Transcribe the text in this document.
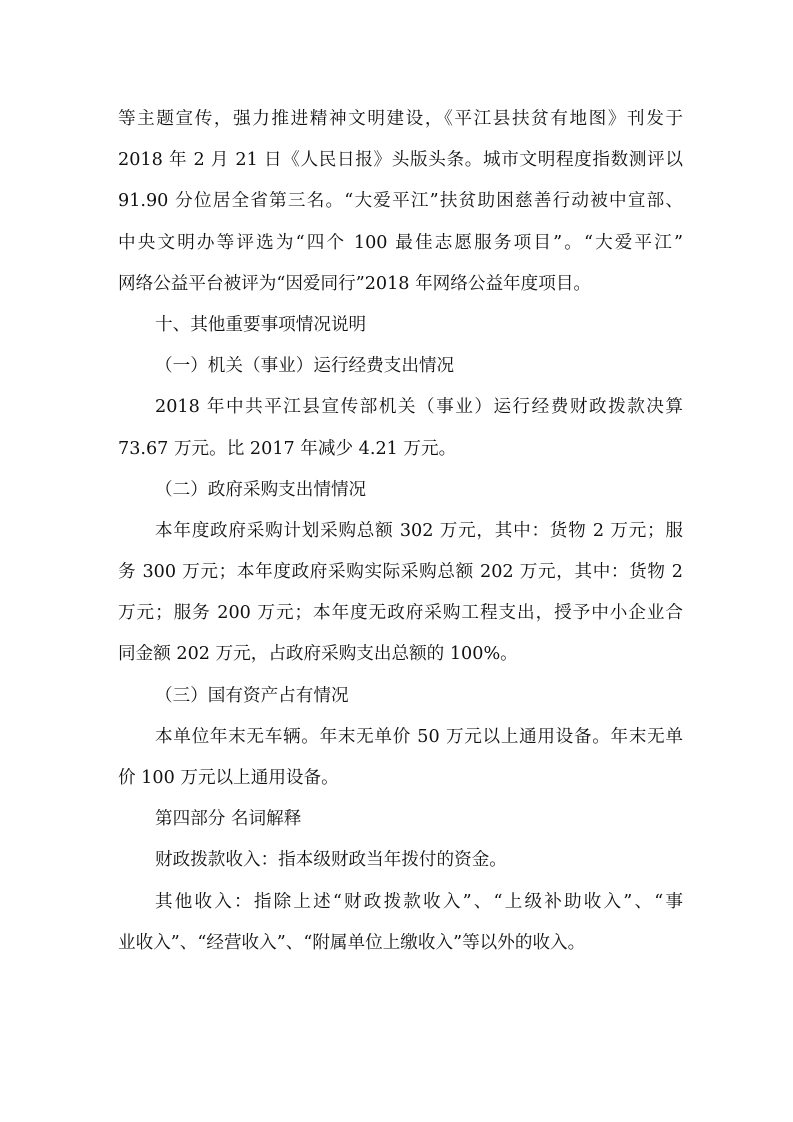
等主题宣传，强力推进精神文明建设，《平江县扶贫有地图》刊发于
2018 年 2 月 21 日《人民日报》头版头条。城市文明程度指数测评以
91.90 分位居全省第三名。“大爱平江”扶贫助困慈善行动被中宣部、
中央文明办等评选为“四个 100 最佳志愿服务项目”。“大爱平江”
网络公益平台被评为“因爱同行”2018 年网络公益年度项目。
十、其他重要事项情况说明
（一）机关（事业）运行经费支出情况
2018 年中共平江县宣传部机关（事业）运行经费财政拨款决算
73.67 万元。比 2017 年减少 4.21 万元。
（二）政府采购支出情情况
本年度政府采购计划采购总额 302 万元，其中：货物 2 万元；服
务 300 万元；本年度政府采购实际采购总额 202 万元，其中：货物 2
万元；服务 200 万元；本年度无政府采购工程支出，授予中小企业合
同金额 202 万元，占政府采购支出总额的 100%。
（三）国有资产占有情况
本单位年末无车辆。年末无单价 50 万元以上通用设备。年末无单
价 100 万元以上通用设备。
第四部分 名词解释
财政拨款收入：指本级财政当年拨付的资金。
其他收入：指除上述“财政拨款收入”、“上级补助收入”、“事
业收入”、“经营收入”、“附属单位上缴收入”等以外的收入。
